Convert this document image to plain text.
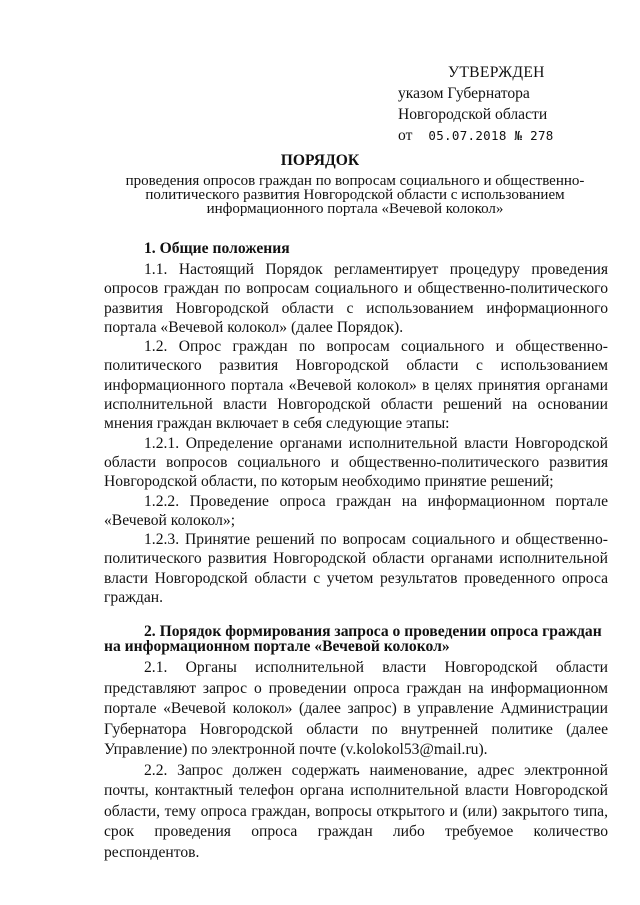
УТВЕРЖДЕН
указом Губернатора
Новгородской области
от 05.07.2018 № 278
ПОРЯДОК
проведения опросов граждан по вопросам социального и общественно-политического развития Новгородской области с использованием информационного портала «Вечевой колокол»
1. Общие положения

1.1. Настоящий Порядок регламентирует процедуру проведения опросов граждан по вопросам социального и общественно-политического развития Новгородской области с использованием информационного портала «Вечевой колокол» (далее Порядок).

1.2. Опрос граждан по вопросам социального и общественно-политического развития Новгородской области с использованием информационного портала «Вечевой колокол» в целях принятия органами исполнительной власти Новгородской области решений на основании мнения граждан включает в себя следующие этапы:

1.2.1. Определение органами исполнительной власти Новгородской области вопросов социального и общественно-политического развития Новгородской области, по которым необходимо принятие решений;

1.2.2. Проведение опроса граждан на информационном портале «Вечевой колокол»;

1.2.3. Принятие решений по вопросам социального и общественно-политического развития Новгородской области органами исполнительной власти Новгородской области с учетом результатов проведенного опроса граждан.

2. Порядок формирования запроса о проведении опроса граждан на информационном портале «Вечевой колокол»

2.1. Органы исполнительной власти Новгородской области представляют запрос о проведении опроса граждан на информационном портале «Вечевой колокол» (далее запрос) в управление Администрации Губернатора Новгородской области по внутренней политике (далее Управление) по электронной почте (v.kolokol53@mail.ru).

2.2. Запрос должен содержать наименование, адрес электронной почты, контактный телефон органа исполнительной власти Новгородской области, тему опроса граждан, вопросы открытого и (или) закрытого типа, срок проведения опроса граждан либо требуемое количество респондентов.
